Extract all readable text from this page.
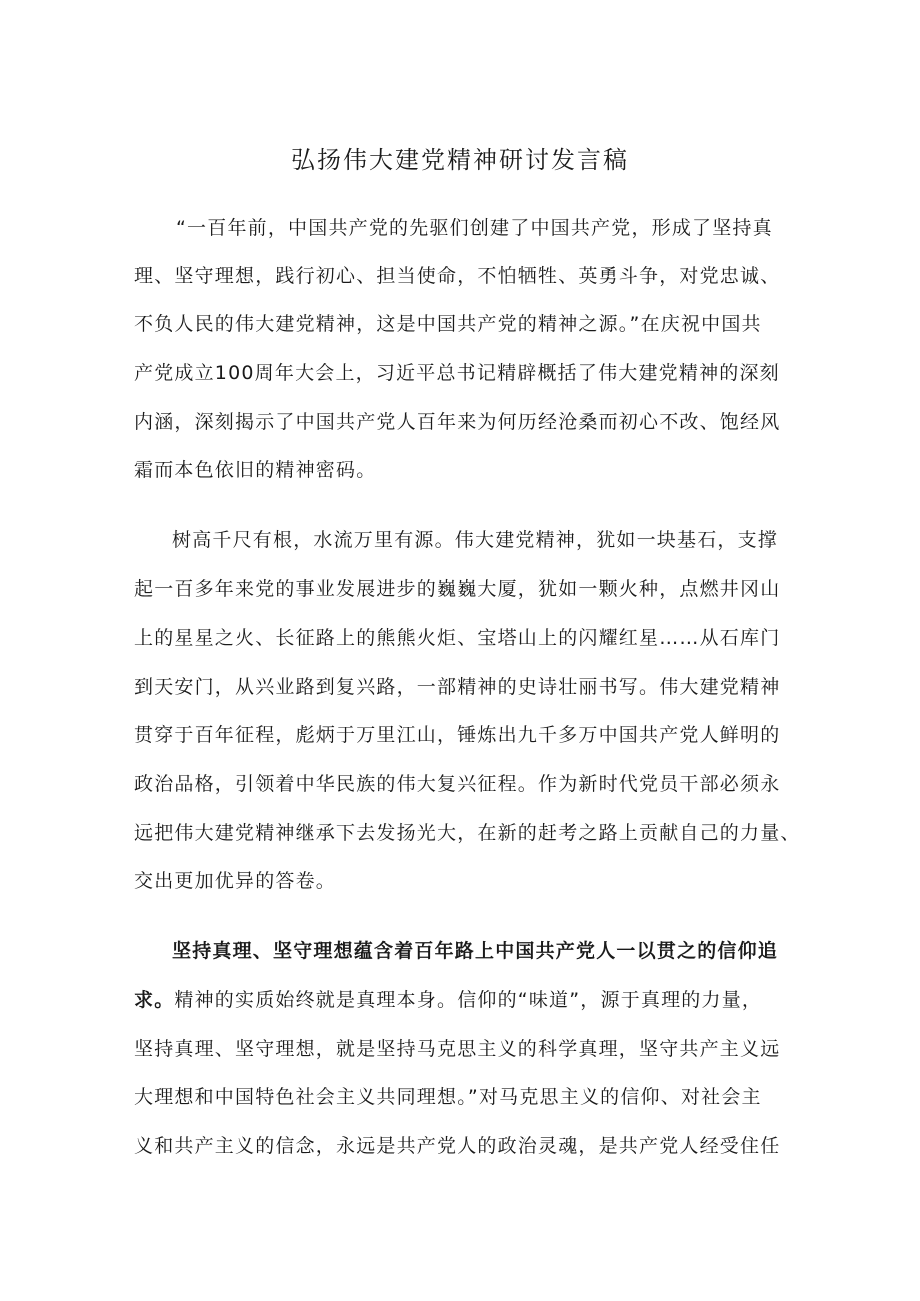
弘扬伟大建党精神研讨发言稿
“一百年前，中国共产党的先驱们创建了中国共产党，形成了坚持真
理、坚守理想，践行初心、担当使命，不怕牺牲、英勇斗争，对党忠诚、
不负人民的伟大建党精神，这是中国共产党的精神之源。”在庆祝中国共
产党成立100周年大会上，习近平总书记精辟概括了伟大建党精神的深刻
内涵，深刻揭示了中国共产党人百年来为何历经沧桑而初心不改、饱经风
霜而本色依旧的精神密码。
树高千尺有根，水流万里有源。伟大建党精神，犹如一块基石，支撑
起一百多年来党的事业发展进步的巍巍大厦，犹如一颗火种，点燃井冈山
上的星星之火、长征路上的熊熊火炬、宝塔山上的闪耀红星……从石库门
到天安门，从兴业路到复兴路，一部精神的史诗壮丽书写。伟大建党精神
贯穿于百年征程，彪炳于万里江山，锤炼出九千多万中国共产党人鲜明的
政治品格，引领着中华民族的伟大复兴征程。作为新时代党员干部必须永
远把伟大建党精神继承下去发扬光大，在新的赶考之路上贡献自己的力量、
交出更加优异的答卷。
坚持真理、坚守理想蕴含着百年路上中国共产党人一以贯之的信仰追
求。精神的实质始终就是真理本身。信仰的“味道”，源于真理的力量，
坚持真理、坚守理想，就是坚持马克思主义的科学真理，坚守共产主义远
大理想和中国特色社会主义共同理想。”对马克思主义的信仰、对社会主
义和共产主义的信念，永远是共产党人的政治灵魂，是共产党人经受住任
